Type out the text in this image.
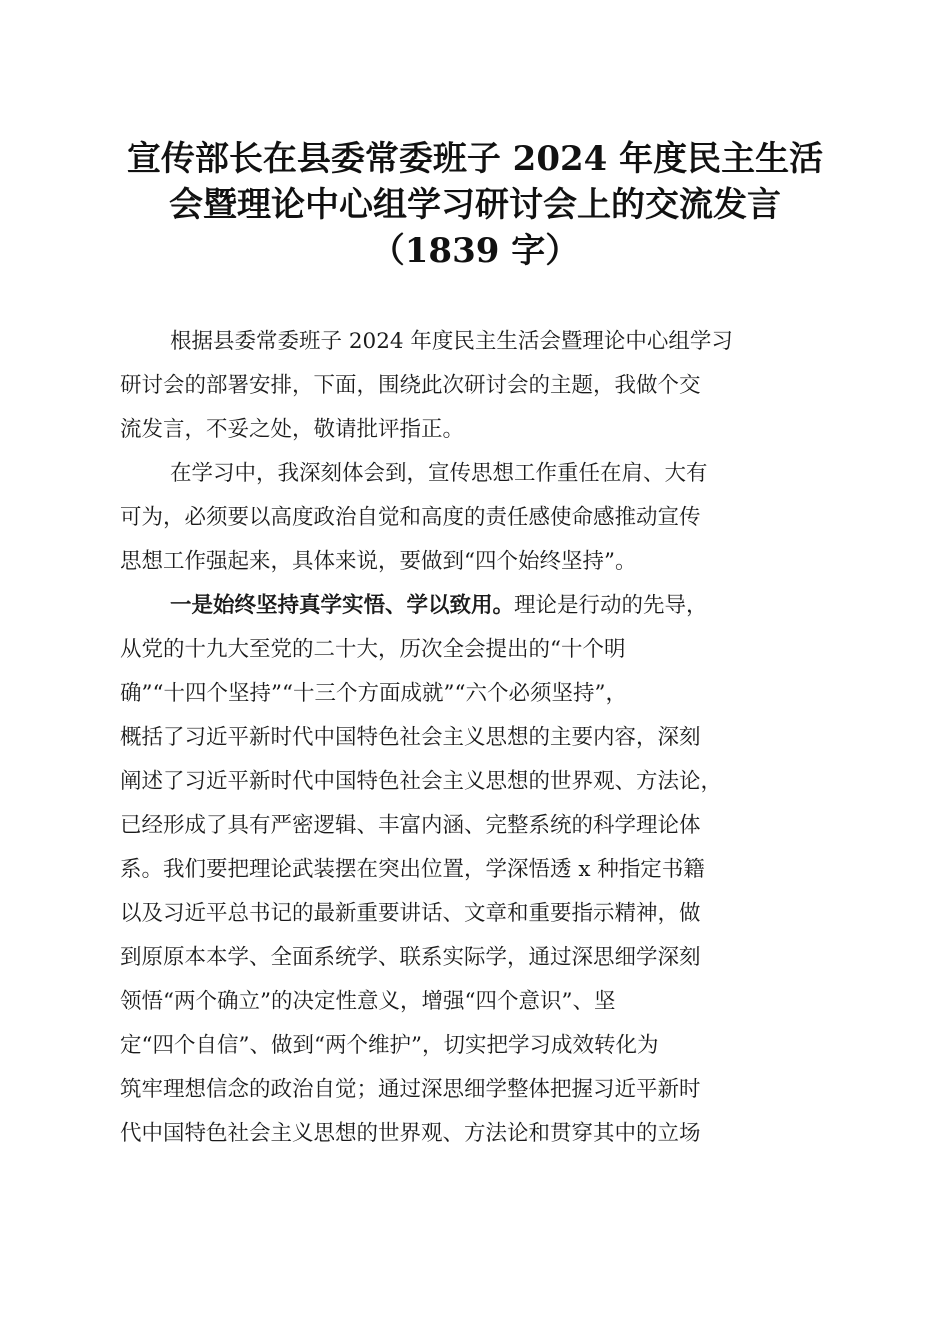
宣传部长在县委常委班子 2024 年度民主生活
会暨理论中心组学习研讨会上的交流发言
（1839 字）
根据县委常委班子 2024 年度民主生活会暨理论中心组学习
研讨会的部署安排，下面，围绕此次研讨会的主题，我做个交
流发言，不妥之处，敬请批评指正。
在学习中，我深刻体会到，宣传思想工作重任在肩、大有
可为，必须要以高度政治自觉和高度的责任感使命感推动宣传
思想工作强起来，具体来说，要做到“四个始终坚持”。
一是始终坚持真学实悟、学以致用。理论是行动的先导，
从党的十九大至党的二十大，历次全会提出的“十个明
确”“十四个坚持”“十三个方面成就”“六个必须坚持”，
概括了习近平新时代中国特色社会主义思想的主要内容，深刻
阐述了习近平新时代中国特色社会主义思想的世界观、方法论，
已经形成了具有严密逻辑、丰富内涵、完整系统的科学理论体
系。我们要把理论武装摆在突出位置，学深悟透 x 种指定书籍
以及习近平总书记的最新重要讲话、文章和重要指示精神，做
到原原本本学、全面系统学、联系实际学，通过深思细学深刻
领悟“两个确立”的决定性意义，增强“四个意识”、坚
定“四个自信”、做到“两个维护”，切实把学习成效转化为
筑牢理想信念的政治自觉；通过深思细学整体把握习近平新时
代中国特色社会主义思想的世界观、方法论和贯穿其中的立场
